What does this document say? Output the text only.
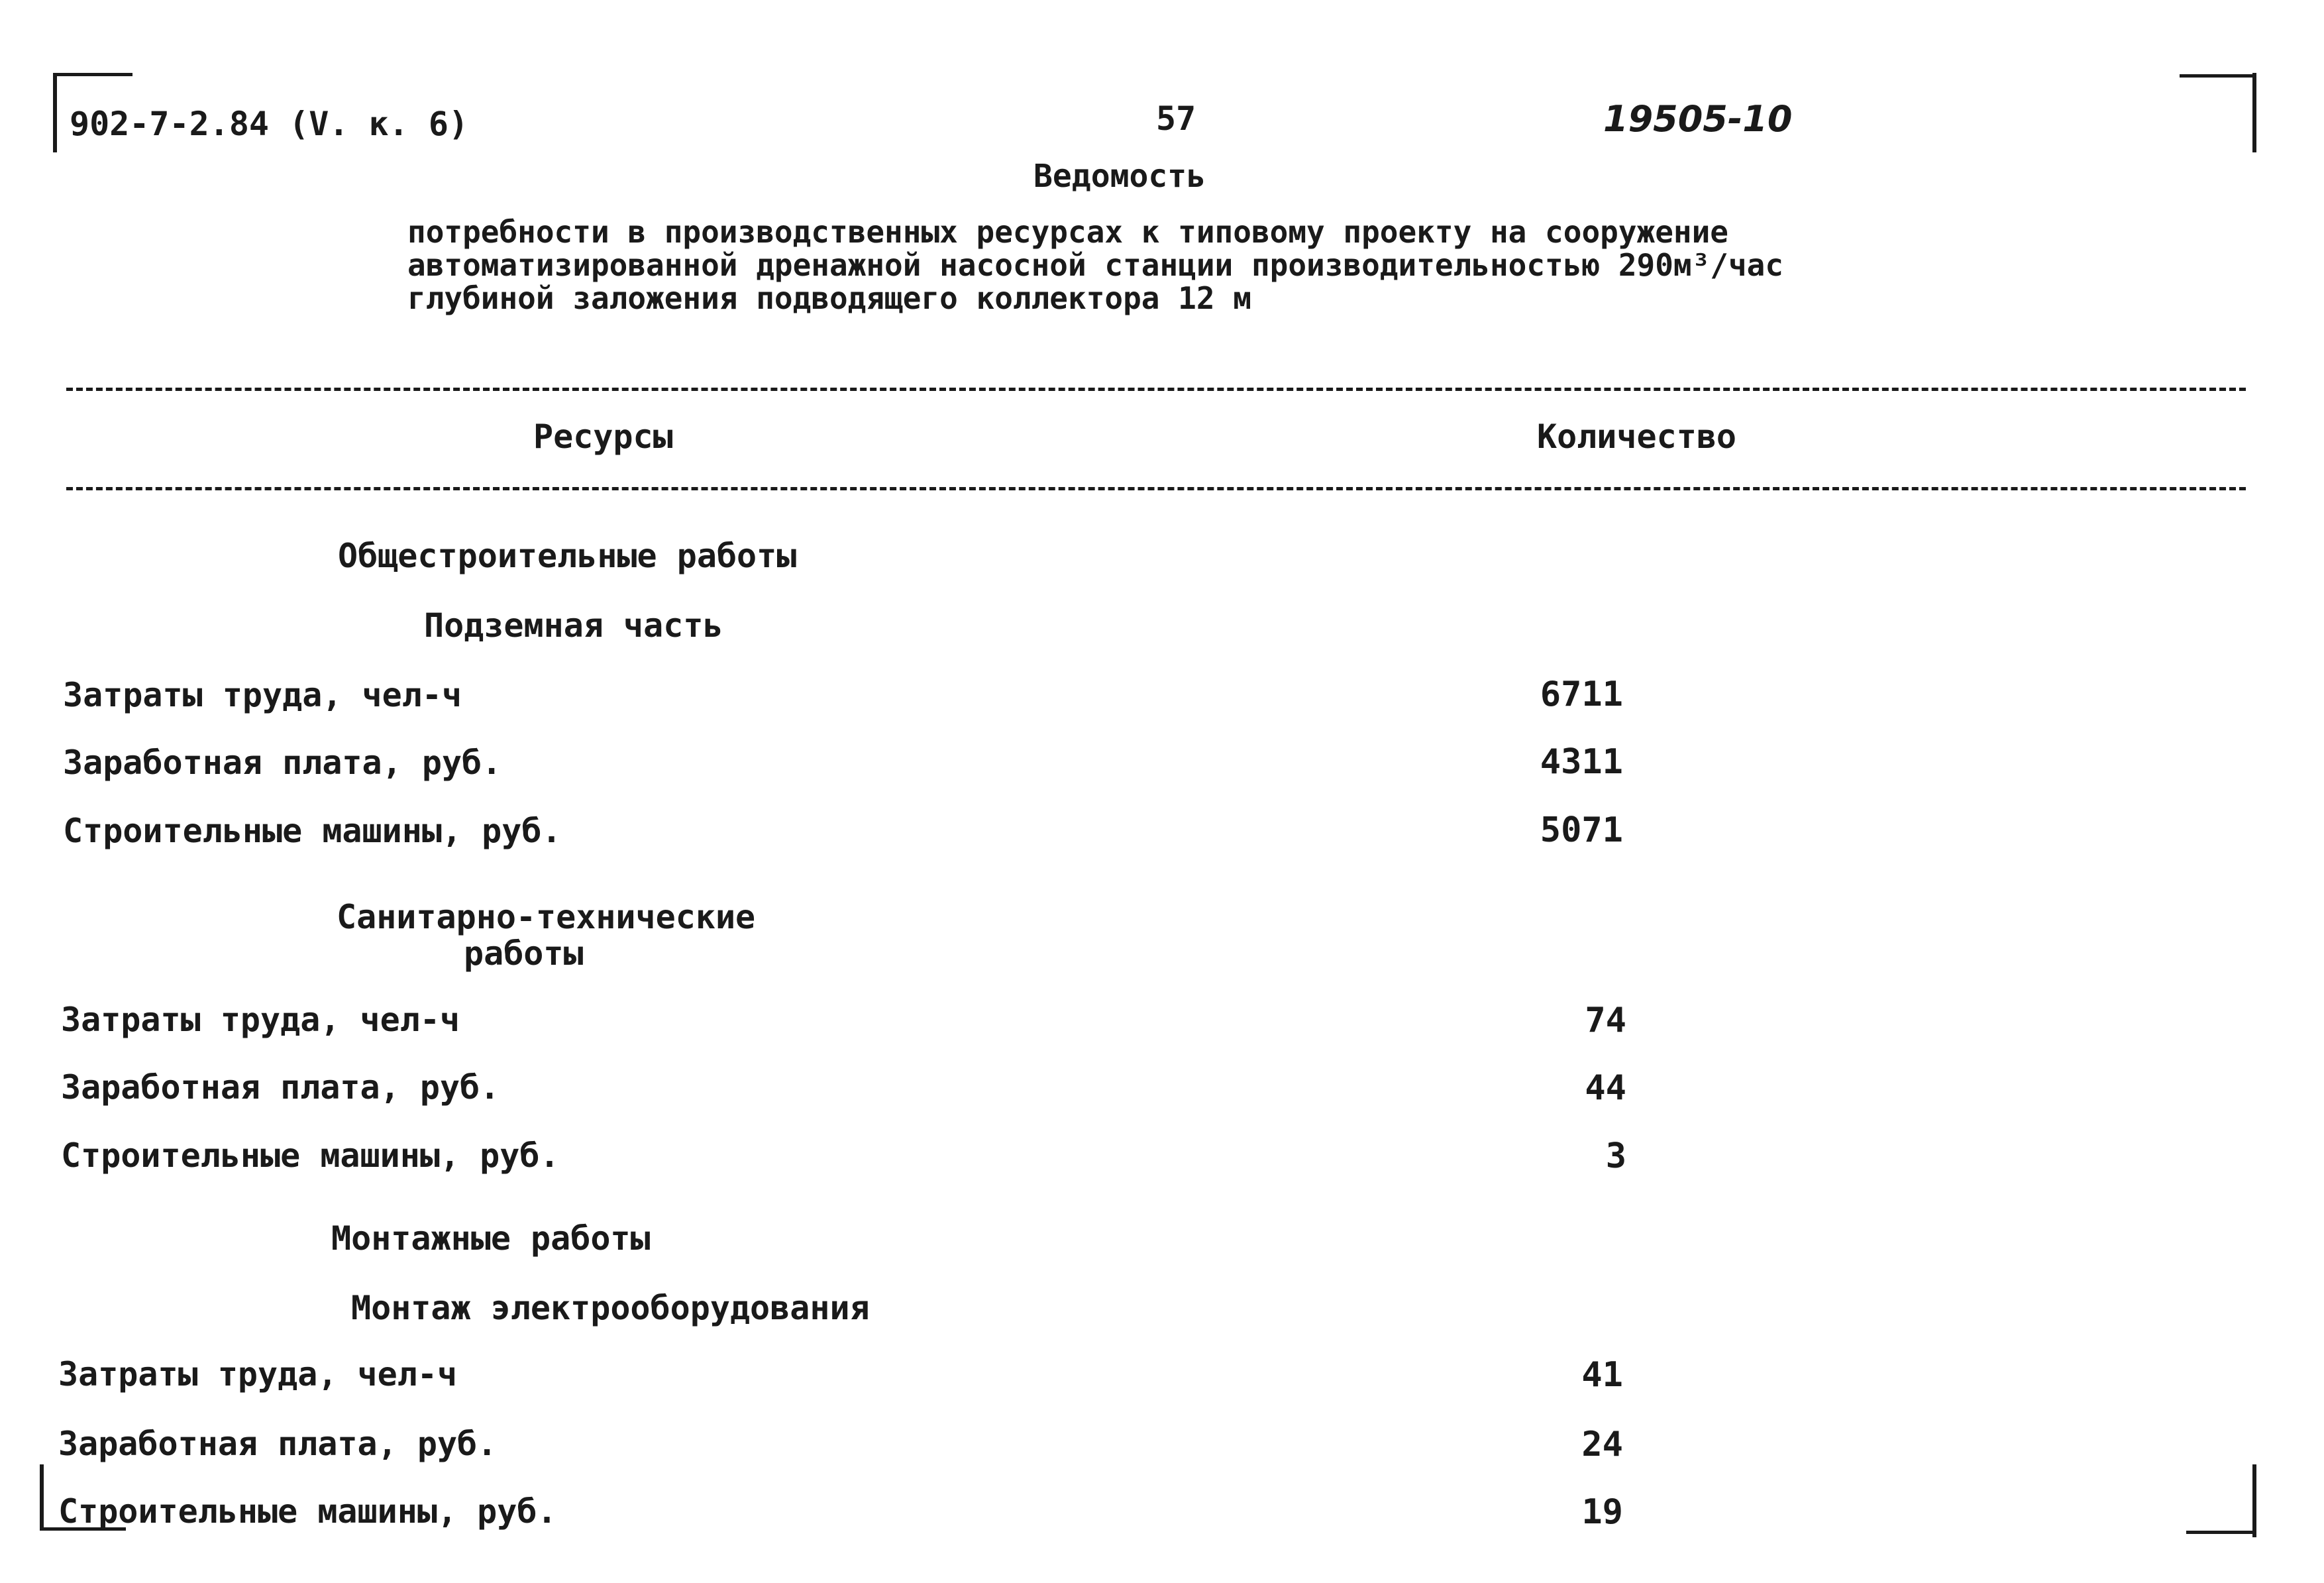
902-7-2.84 (V. к. 6)	57	19505-10
Ведомость
потребности в производственных ресурсах к типовому проекту на сооружение
автоматизированной дренажной насосной станции производительностью 290м³/час
глубиной заложения подводящего коллектора 12 м
Ресурсы	Количество
Общестроительные работы
Подземная часть
Затраты труда, чел-ч	6711
Заработная плата, руб.	4311
Строительные машины, руб.	5071
Санитарно-технические
работы
Затраты труда, чел-ч	74
Заработная плата, руб.	44
Строительные машины, руб.	3
Монтажные работы
Монтаж электрооборудования
Затраты труда, чел-ч	41
Заработная плата, руб.	24
Строительные машины, руб.	19
